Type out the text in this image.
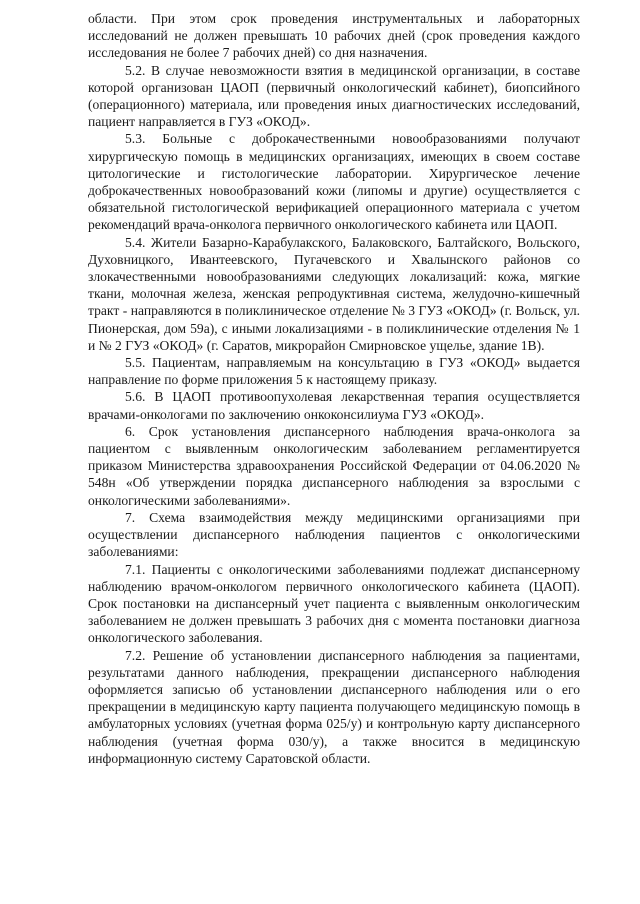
области. При этом срок проведения инструментальных и лабораторных исследований не должен превышать 10 рабочих дней (срок проведения каждого исследования не более 7 рабочих дней) со дня назначения.

5.2. В случае невозможности взятия в медицинской организации, в составе которой организован ЦАОП (первичный онкологический кабинет), биопсийного (операционного) материала, или проведения иных диагностических исследований, пациент направляется в ГУЗ «ОКОД».

5.3. Больные с доброкачественными новообразованиями получают хирургическую помощь в медицинских организациях, имеющих в своем составе цитологические и гистологические лаборатории. Хирургическое лечение доброкачественных новообразований кожи (липомы и другие) осуществляется с обязательной гистологической верификацией операционного материала с учетом рекомендаций врача-онколога первичного онкологического кабинета или ЦАОП.

5.4. Жители Базарно-Карабулакского, Балаковского, Балтайского, Вольского, Духовницкого, Ивантеевского, Пугачевского и Хвалынского районов со злокачественными новообразованиями следующих локализаций: кожа, мягкие ткани, молочная железа, женская репродуктивная система, желудочно-кишечный тракт - направляются в поликлиническое отделение № 3 ГУЗ «ОКОД» (г. Вольск, ул. Пионерская, дом 59а), с иными локализациями - в поликлинические отделения № 1 и № 2 ГУЗ «ОКОД» (г. Саратов, микрорайон Смирновское ущелье, здание 1В).

5.5. Пациентам, направляемым на консультацию в ГУЗ «ОКОД» выдается направление по форме приложения 5 к настоящему приказу.

5.6. В ЦАОП противоопухолевая лекарственная терапия осуществляется врачами-онкологами по заключению онкоконсилиума ГУЗ «ОКОД».

6. Срок установления диспансерного наблюдения врача-онколога за пациентом с выявленным онкологическим заболеванием регламентируется приказом Министерства здравоохранения Российской Федерации от 04.06.2020 № 548н «Об утверждении порядка диспансерного наблюдения за взрослыми с онкологическими заболеваниями».

7. Схема взаимодействия между медицинскими организациями при осуществлении диспансерного наблюдения пациентов с онкологическими заболеваниями:

7.1. Пациенты с онкологическими заболеваниями подлежат диспансерному наблюдению врачом-онкологом первичного онкологического кабинета (ЦАОП). Срок постановки на диспансерный учет пациента с выявленным онкологическим заболеванием не должен превышать 3 рабочих дня с момента постановки диагноза онкологического заболевания.

7.2. Решение об установлении диспансерного наблюдения за пациентами, результатами данного наблюдения, прекращении диспансерного наблюдения оформляется записью об установлении диспансерного наблюдения или о его прекращении в медицинскую карту пациента получающего медицинскую помощь в амбулаторных условиях (учетная форма 025/у) и контрольную карту диспансерного наблюдения (учетная форма 030/у), а также вносится в медицинскую информационную систему Саратовской области.
